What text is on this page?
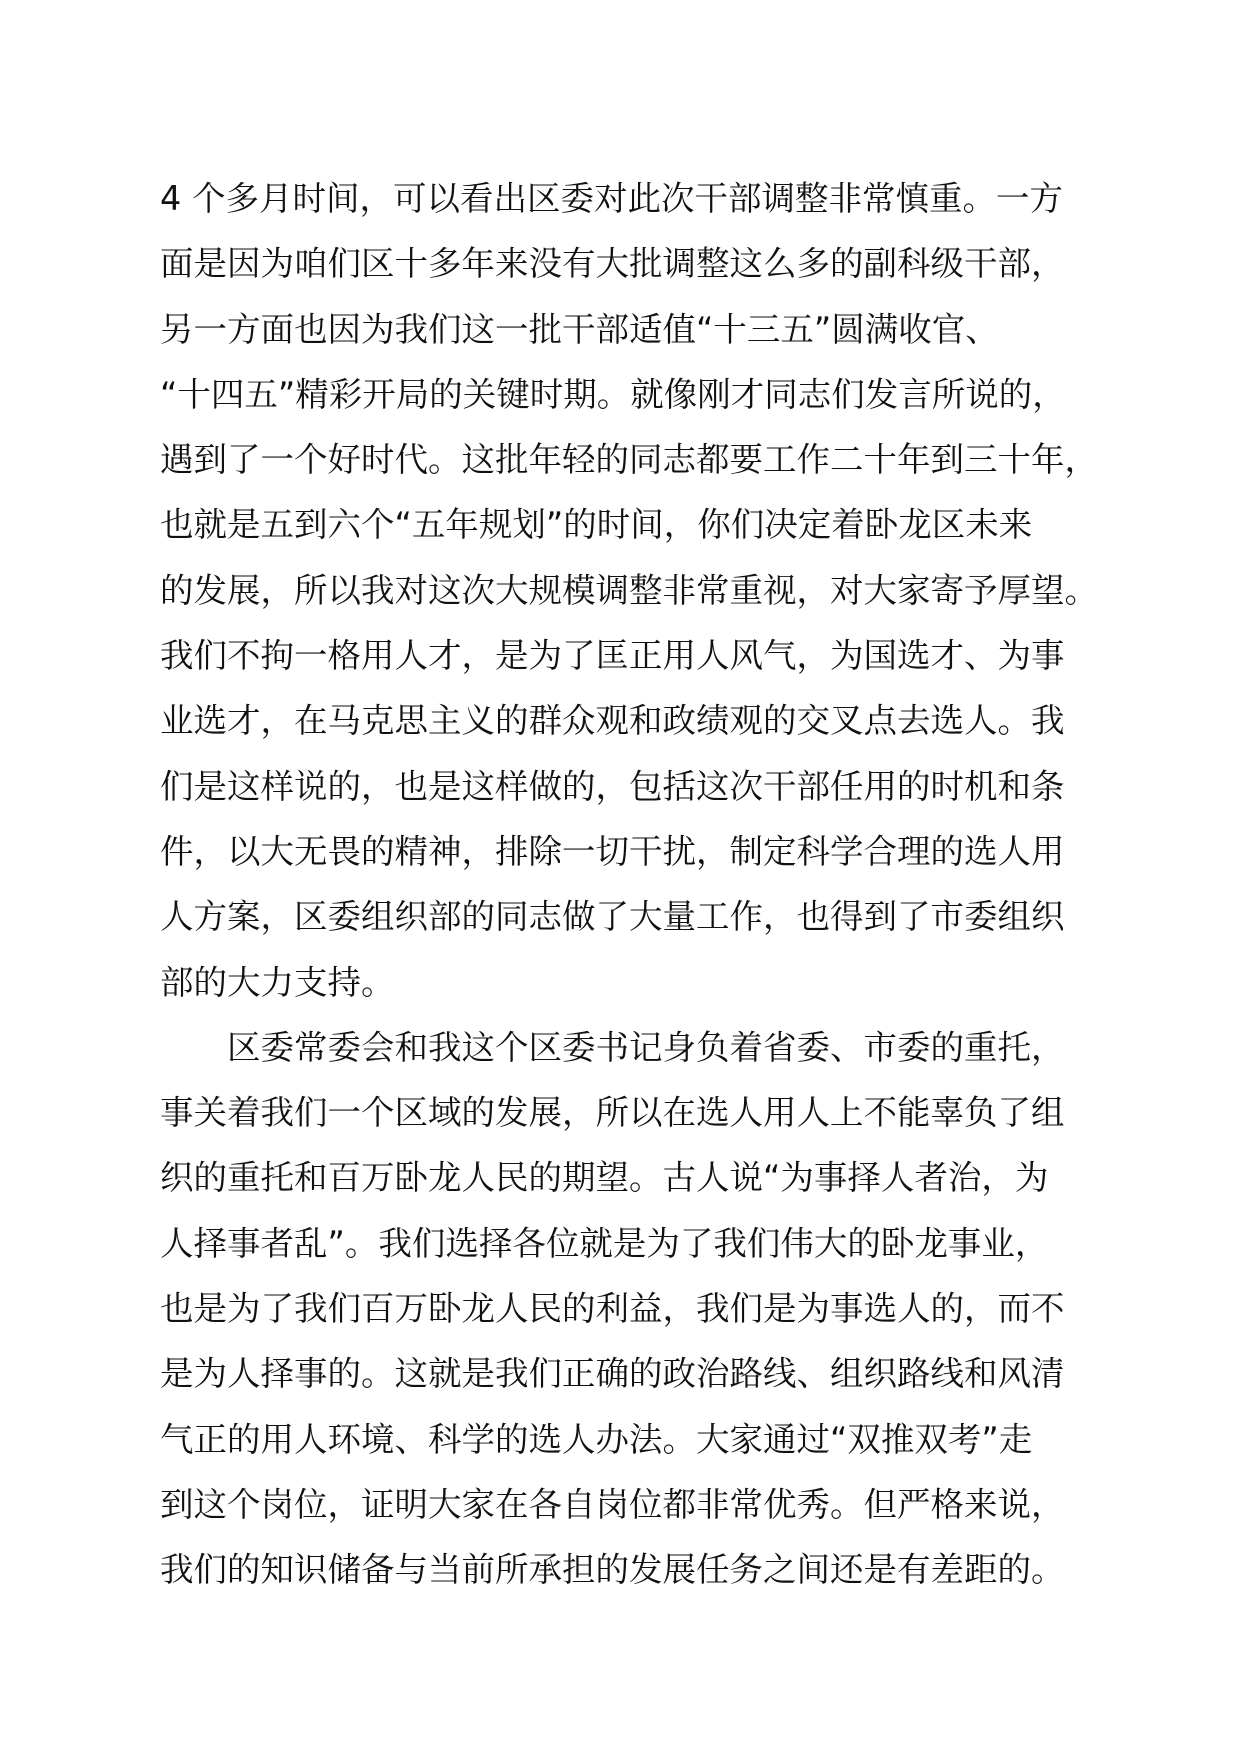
4 个多月时间，可以看出区委对此次干部调整非常慎重。一方
面是因为咱们区十多年来没有大批调整这么多的副科级干部，
另一方面也因为我们这一批干部适值“十三五”圆满收官、
“十四五”精彩开局的关键时期。就像刚才同志们发言所说的，
遇到了一个好时代。这批年轻的同志都要工作二十年到三十年，
也就是五到六个“五年规划”的时间，你们决定着卧龙区未来
的发展，所以我对这次大规模调整非常重视，对大家寄予厚望。
我们不拘一格用人才，是为了匡正用人风气，为国选才、为事
业选才，在马克思主义的群众观和政绩观的交叉点去选人。我
们是这样说的，也是这样做的，包括这次干部任用的时机和条
件，以大无畏的精神，排除一切干扰，制定科学合理的选人用
人方案，区委组织部的同志做了大量工作，也得到了市委组织
部的大力支持。
区委常委会和我这个区委书记身负着省委、市委的重托，
事关着我们一个区域的发展，所以在选人用人上不能辜负了组
织的重托和百万卧龙人民的期望。古人说“为事择人者治，为
人择事者乱”。我们选择各位就是为了我们伟大的卧龙事业，
也是为了我们百万卧龙人民的利益，我们是为事选人的，而不
是为人择事的。这就是我们正确的政治路线、组织路线和风清
气正的用人环境、科学的选人办法。大家通过“双推双考”走
到这个岗位，证明大家在各自岗位都非常优秀。但严格来说，
我们的知识储备与当前所承担的发展任务之间还是有差距的。
